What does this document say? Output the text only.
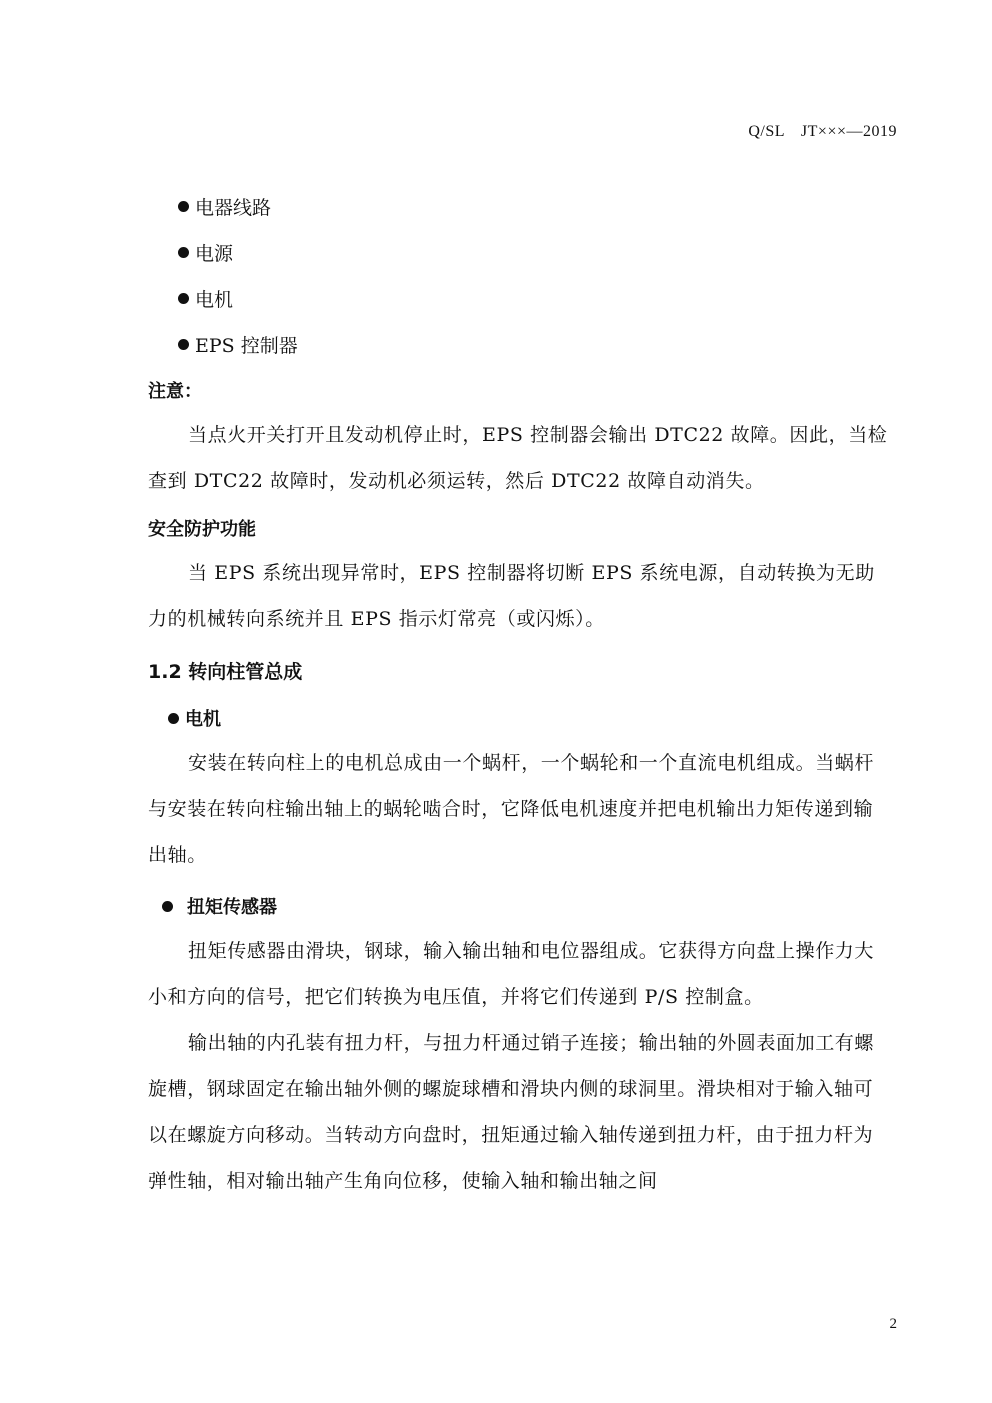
Q/SL　JT×××—2019
电器线路
电源
电机
EPS 控制器
注意：
当点火开关打开且发动机停止时，EPS 控制器会输出 DTC22 故障。因此，当检查到 DTC22 故障时，发动机必须运转，然后 DTC22 故障自动消失。
安全防护功能
当 EPS 系统出现异常时，EPS 控制器将切断 EPS 系统电源，自动转换为无助力的机械转向系统并且 EPS 指示灯常亮（或闪烁）。
1.2 转向柱管总成
电机
安装在转向柱上的电机总成由一个蜗杆，一个蜗轮和一个直流电机组成。当蜗杆与安装在转向柱输出轴上的蜗轮啮合时，它降低电机速度并把电机输出力矩传递到输出轴。
扭矩传感器
扭矩传感器由滑块，钢球，输入输出轴和电位器组成。它获得方向盘上操作力大小和方向的信号，把它们转换为电压值，并将它们传递到 P/S 控制盒。
输出轴的内孔装有扭力杆，与扭力杆通过销子连接；输出轴的外圆表面加工有螺旋槽，钢球固定在输出轴外侧的螺旋球槽和滑块内侧的球洞里。滑块相对于输入轴可以在螺旋方向移动。当转动方向盘时，扭矩通过输入轴传递到扭力杆，由于扭力杆为弹性轴，相对输出轴产生角向位移，使输入轴和输出轴之间
2
